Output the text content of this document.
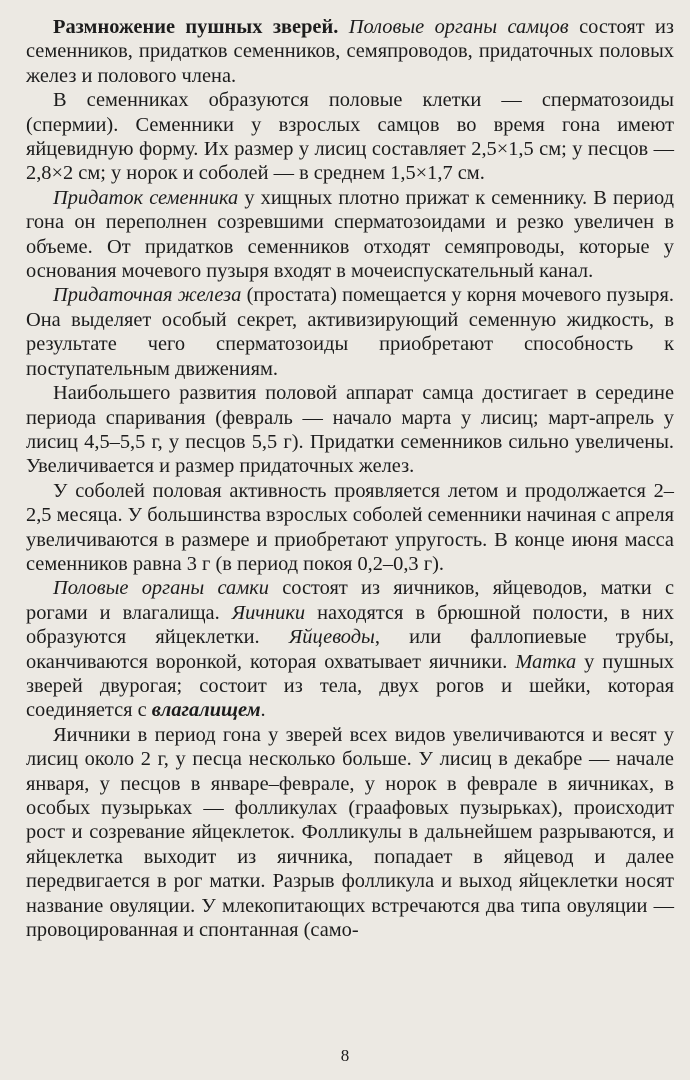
Размножение пушных зверей. Половые органы самцов состоят из семенников, придатков семенников, семяпроводов, придаточных половых желез и полового члена.

В семенниках образуются половые клетки — сперматозоиды (спермии). Семенники у взрослых самцов во время гона имеют яйцевидную форму. Их размер у лисиц составляет 2,5×1,5 см; у песцов — 2,8×2 см; у норок и соболей — в среднем 1,5×1,7 см.

Придаток семенника у хищных плотно прижат к семеннику. В период гона он переполнен созревшими сперматозоидами и резко увеличен в объеме. От придатков семенников отходят семяпроводы, которые у основания мочевого пузыря входят в мочеиспускательный канал.

Придаточная железа (простата) помещается у корня мочевого пузыря. Она выделяет особый секрет, активизирующий семенную жидкость, в результате чего сперматозоиды приобретают способность к поступательным движениям.

Наибольшего развития половой аппарат самца достигает в середине периода спаривания (февраль — начало марта у лисиц; март-апрель у лисиц 4,5–5,5 г, у песцов 5,5 г). Придатки семенников сильно увеличены. Увеличивается и размер придаточных желез.

У соболей половая активность проявляется летом и продолжается 2–2,5 месяца. У большинства взрослых соболей семенники начиная с апреля увеличиваются в размере и приобретают упругость. В конце июня масса семенников равна 3 г (в период покоя 0,2–0,3 г).

Половые органы самки состоят из яичников, яйцеводов, матки с рогами и влагалища. Яичники находятся в брюшной полости, в них образуются яйцеклетки. Яйцеводы, или фаллопиевые трубы, оканчиваются воронкой, которая охватывает яичники. Матка у пушных зверей двурогая; состоит из тела, двух рогов и шейки, которая соединяется с влагалищем.

Яичники в период гона у зверей всех видов увеличиваются и весят у лисиц около 2 г, у песца несколько больше. У лисиц в декабре — начале января, у песцов в январе–феврале, у норок в феврале в яичниках, в особых пузырьках — фолликулах (граафовых пузырьках), происходит рост и созревание яйцеклеток. Фолликулы в дальнейшем разрываются, и яйцеклетка выходит из яичника, попадает в яйцевод и далее передвигается в рог матки. Разрыв фолликула и выход яйцеклетки носят название овуляции. У млекопитающих встречаются два типа овуляции — провоцированная и спонтанная (само-

8
